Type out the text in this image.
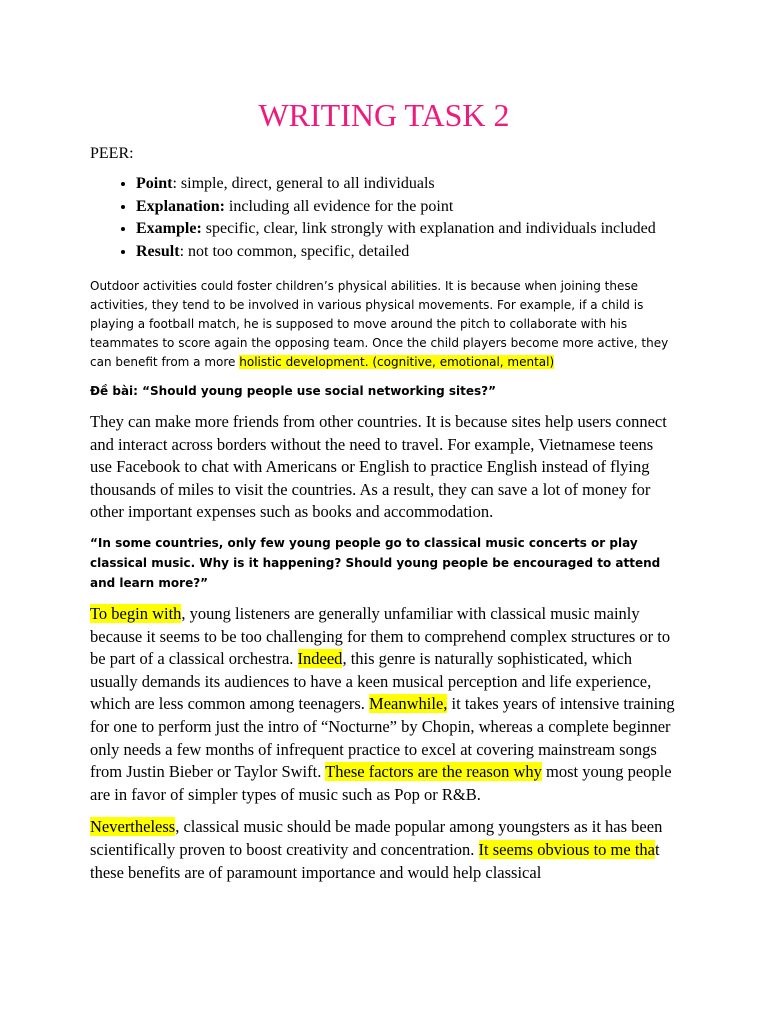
WRITING TASK 2

PEER:

• Point: simple, direct, general to all individuals
• Explanation: including all evidence for the point
• Example: specific, clear, link strongly with explanation and individuals included
• Result: not too common, specific, detailed

Outdoor activities could foster children’s physical abilities. It is because when joining these activities, they tend to be involved in various physical movements. For example, if a child is playing a football match, he is supposed to move around the pitch to collaborate with his teammates to score again the opposing team. Once the child players become more active, they can benefit from a more holistic development. (cognitive, emotional, mental)

Đề bài: “Should young people use social networking sites?”

They can make more friends from other countries. It is because sites help users connect and interact across borders without the need to travel. For example, Vietnamese teens use Facebook to chat with Americans or English to practice English instead of flying thousands of miles to visit the countries. As a result, they can save a lot of money for other important expenses such as books and accommodation.

“In some countries, only few young people go to classical music concerts or play classical music. Why is it happening? Should young people be encouraged to attend and learn more?”

To begin with, young listeners are generally unfamiliar with classical music mainly because it seems to be too challenging for them to comprehend complex structures or to be part of a classical orchestra. Indeed, this genre is naturally sophisticated, which usually demands its audiences to have a keen musical perception and life experience, which are less common among teenagers. Meanwhile, it takes years of intensive training for one to perform just the intro of “Nocturne” by Chopin, whereas a complete beginner only needs a few months of infrequent practice to excel at covering mainstream songs from Justin Bieber or Taylor Swift. These factors are the reason why most young people are in favor of simpler types of music such as Pop or R&B.

Nevertheless, classical music should be made popular among youngsters as it has been scientifically proven to boost creativity and concentration. It seems obvious to me that these benefits are of paramount importance and would help classical
